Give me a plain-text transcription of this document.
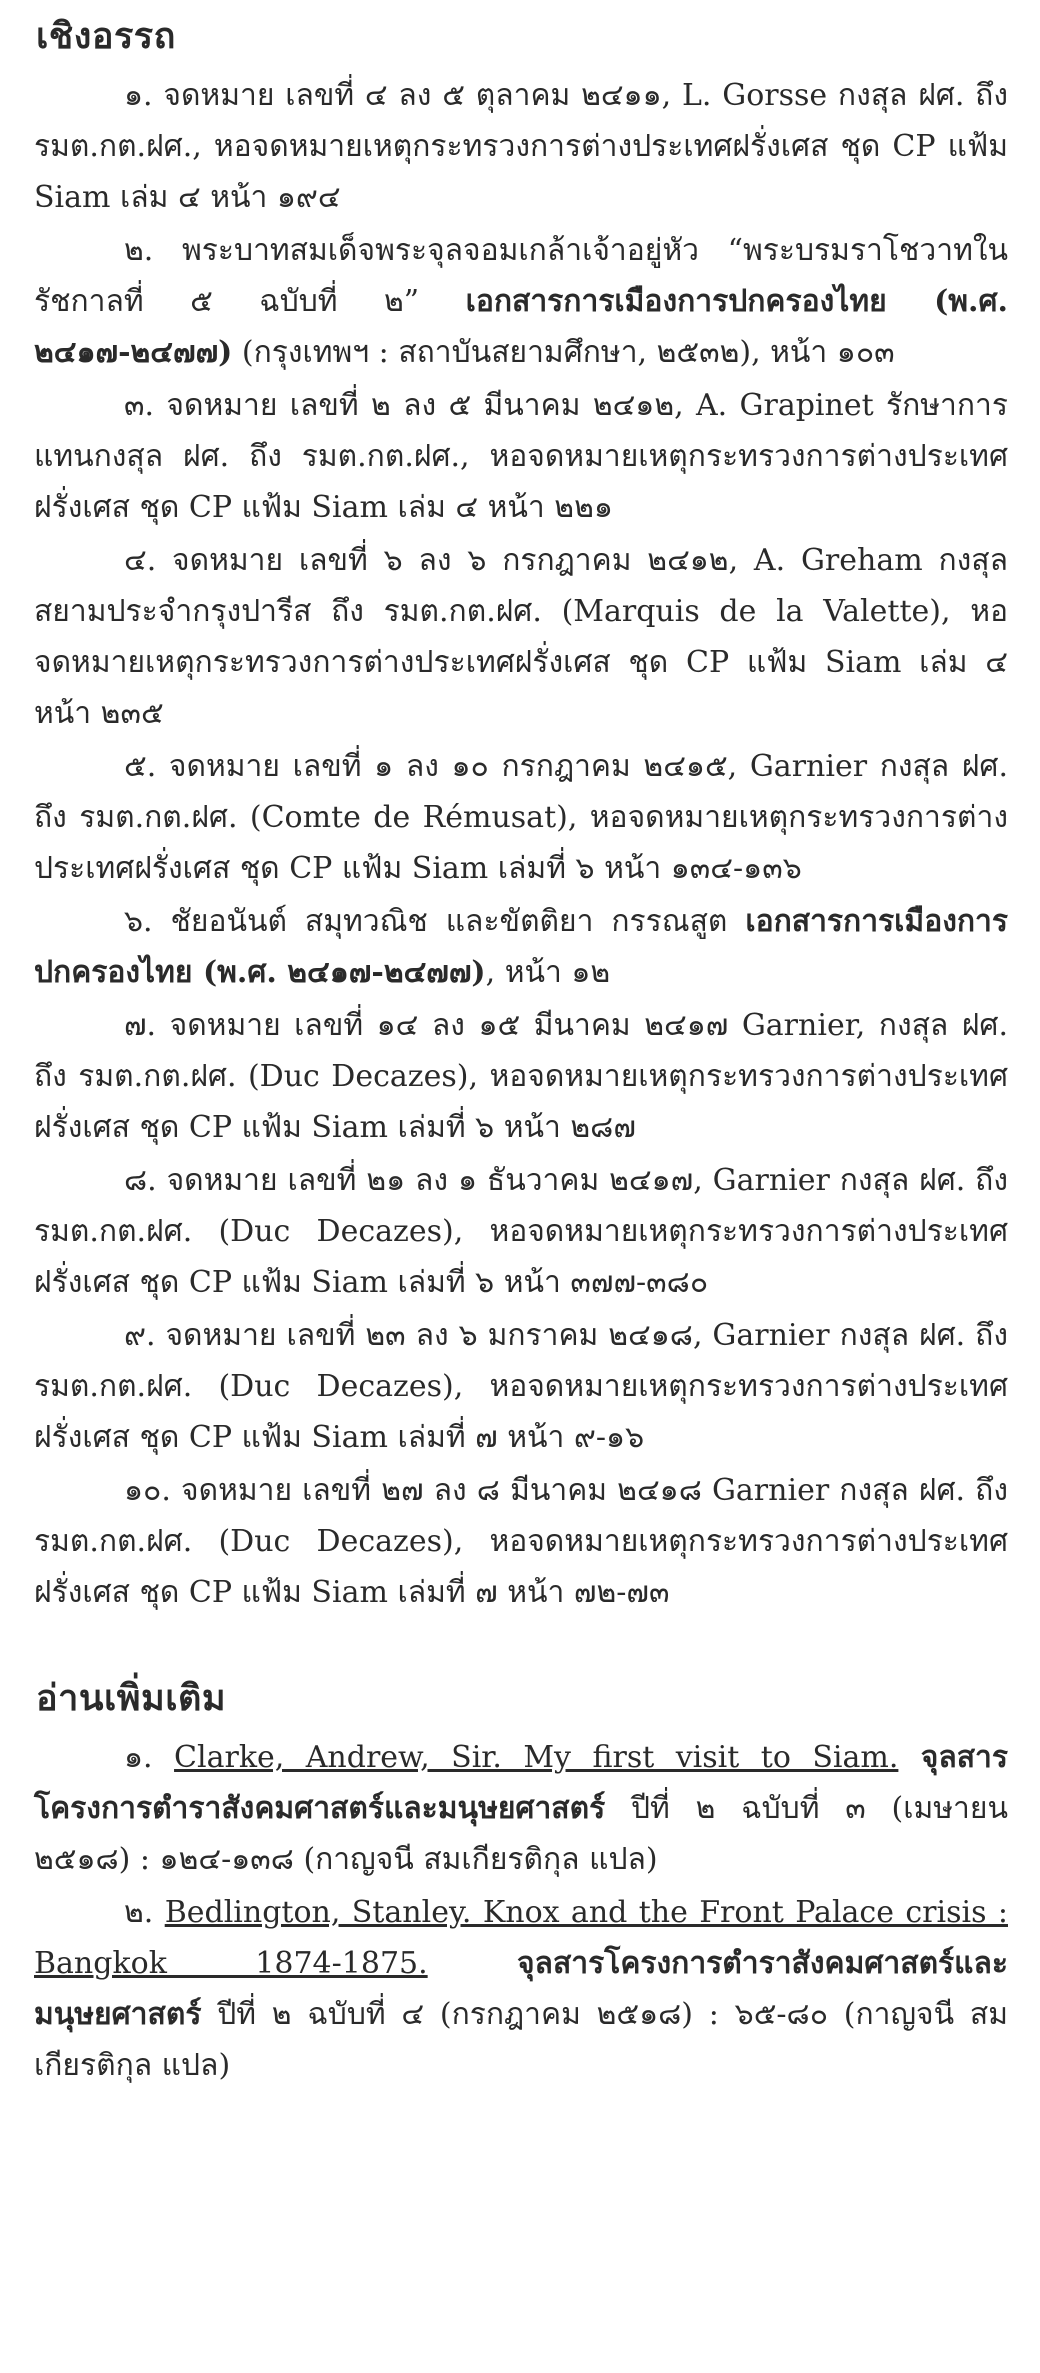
เชิงอรรถ

๑. จดหมาย เลขที่ ๔ ลง ๕ ตุลาคม ๒๔๑๑, L. Gorsse กงสุล ฝศ. ถึง รมต.กต.ฝศ., หอจดหมายเหตุกระทรวงการต่างประเทศฝรั่งเศส ชุด CP แฟ้ม Siam เล่ม ๔ หน้า ๑๙๔

๒. พระบาทสมเด็จพระจุลจอมเกล้าเจ้าอยู่หัว “พระบรมราโชวาทในรัชกาลที่ ๕ ฉบับที่ ๒” เอกสารการเมืองการปกครองไทย (พ.ศ. ๒๔๑๗-๒๔๗๗) (กรุงเทพฯ : สถาบันสยามศึกษา, ๒๕๓๒), หน้า ๑๐๓

๓. จดหมาย เลขที่ ๒ ลง ๕ มีนาคม ๒๔๑๒, A. Grapinet รักษาการแทนกงสุล ฝศ. ถึง รมต.กต.ฝศ., หอจดหมายเหตุกระทรวงการต่างประเทศฝรั่งเศส ชุด CP แฟ้ม Siam เล่ม ๔ หน้า ๒๒๑

๔. จดหมาย เลขที่ ๖ ลง ๖ กรกฎาคม ๒๔๑๒, A. Greham กงสุลสยามประจำกรุงปารีส ถึง รมต.กต.ฝศ. (Marquis de la Valette), หอจดหมายเหตุกระทรวงการต่างประเทศฝรั่งเศส ชุด CP แฟ้ม Siam เล่ม ๔ หน้า ๒๓๕

๕. จดหมาย เลขที่ ๑ ลง ๑๐ กรกฎาคม ๒๔๑๕, Garnier กงสุล ฝศ. ถึง รมต.กต.ฝศ. (Comte de Rémusat), หอจดหมายเหตุกระทรวงการต่างประเทศฝรั่งเศส ชุด CP แฟ้ม Siam เล่มที่ ๖ หน้า ๑๓๔-๑๓๖

๖. ชัยอนันต์ สมุทวณิช และขัตติยา กรรณสูต เอกสารการเมืองการปกครองไทย (พ.ศ. ๒๔๑๗-๒๔๗๗), หน้า ๑๒

๗. จดหมาย เลขที่ ๑๔ ลง ๑๕ มีนาคม ๒๔๑๗ Garnier, กงสุล ฝศ. ถึง รมต.กต.ฝศ. (Duc Decazes), หอจดหมายเหตุกระทรวงการต่างประเทศฝรั่งเศส ชุด CP แฟ้ม Siam เล่มที่ ๖ หน้า ๒๘๗

๘. จดหมาย เลขที่ ๒๑ ลง ๑ ธันวาคม ๒๔๑๗, Garnier กงสุล ฝศ. ถึง รมต.กต.ฝศ. (Duc Decazes), หอจดหมายเหตุกระทรวงการต่างประเทศฝรั่งเศส ชุด CP แฟ้ม Siam เล่มที่ ๖ หน้า ๓๗๗-๓๘๐

๙. จดหมาย เลขที่ ๒๓ ลง ๖ มกราคม ๒๔๑๘, Garnier กงสุล ฝศ. ถึง รมต.กต.ฝศ. (Duc Decazes), หอจดหมายเหตุกระทรวงการต่างประเทศฝรั่งเศส ชุด CP แฟ้ม Siam เล่มที่ ๗ หน้า ๙-๑๖

๑๐. จดหมาย เลขที่ ๒๗ ลง ๘ มีนาคม ๒๔๑๘ Garnier กงสุล ฝศ. ถึง รมต.กต.ฝศ. (Duc Decazes), หอจดหมายเหตุกระทรวงการต่างประเทศฝรั่งเศส ชุด CP แฟ้ม Siam เล่มที่ ๗ หน้า ๗๒-๗๓

อ่านเพิ่มเติม

๑. Clarke, Andrew, Sir. My first visit to Siam. จุลสารโครงการตำราสังคมศาสตร์และมนุษยศาสตร์ ปีที่ ๒ ฉบับที่ ๓ (เมษายน ๒๕๑๘) : ๑๒๔-๑๓๘ (กาญจนี สมเกียรติกุล แปล)

๒. Bedlington, Stanley. Knox and the Front Palace crisis : Bangkok 1874-1875. จุลสารโครงการตำราสังคมศาสตร์และมนุษยศาสตร์ ปีที่ ๒ ฉบับที่ ๔ (กรกฎาคม ๒๕๑๘) : ๖๕-๘๐ (กาญจนี สมเกียรติกุล แปล)
